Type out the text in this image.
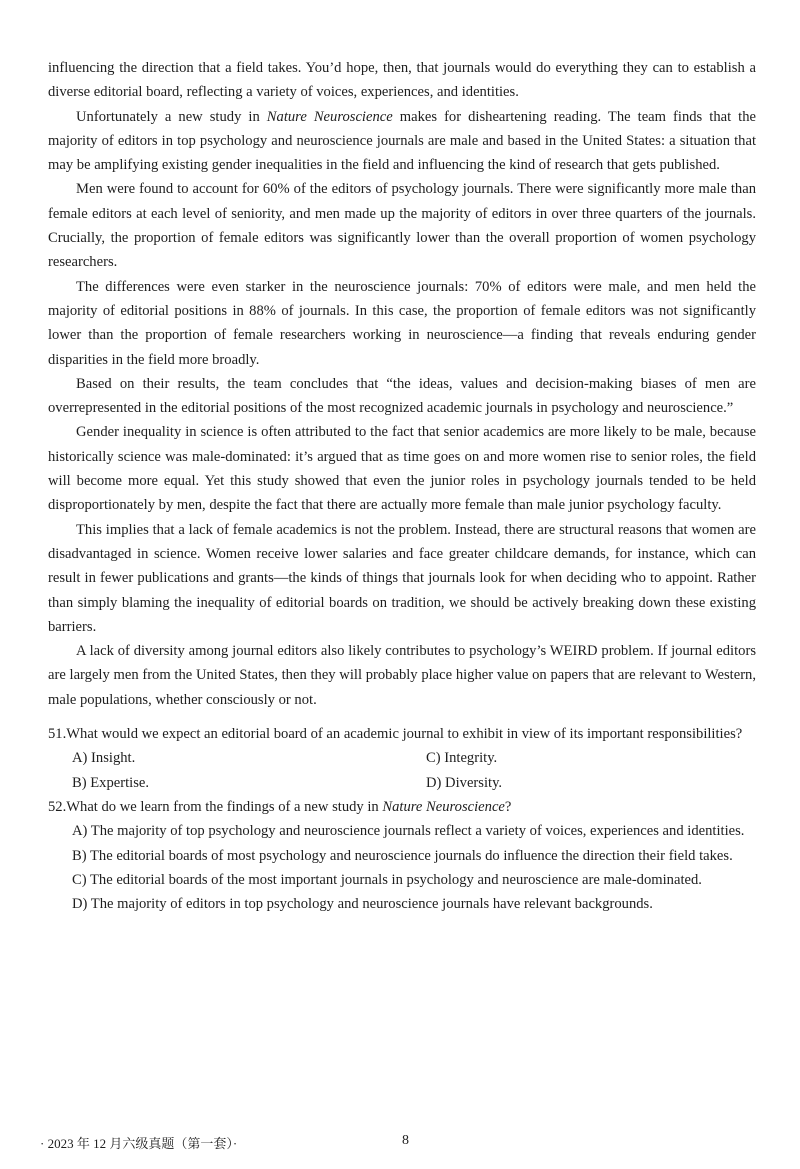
influencing the direction that a field takes. You’d hope, then, that journals would do everything they can to establish a diverse editorial board, reflecting a variety of voices, experiences, and identities.

Unfortunately a new study in Nature Neuroscience makes for disheartening reading. The team finds that the majority of editors in top psychology and neuroscience journals are male and based in the United States: a situation that may be amplifying existing gender inequalities in the field and influencing the kind of research that gets published.

Men were found to account for 60% of the editors of psychology journals. There were significantly more male than female editors at each level of seniority, and men made up the majority of editors in over three quarters of the journals. Crucially, the proportion of female editors was significantly lower than the overall proportion of women psychology researchers.

The differences were even starker in the neuroscience journals: 70% of editors were male, and men held the majority of editorial positions in 88% of journals. In this case, the proportion of female editors was not significantly lower than the proportion of female researchers working in neuroscience—a finding that reveals enduring gender disparities in the field more broadly.

Based on their results, the team concludes that “the ideas, values and decision-making biases of men are overrepresented in the editorial positions of the most recognized academic journals in psychology and neuroscience.”

Gender inequality in science is often attributed to the fact that senior academics are more likely to be male, because historically science was male-dominated: it’s argued that as time goes on and more women rise to senior roles, the field will become more equal. Yet this study showed that even the junior roles in psychology journals tended to be held disproportionately by men, despite the fact that there are actually more female than male junior psychology faculty.

This implies that a lack of female academics is not the problem. Instead, there are structural reasons that women are disadvantaged in science. Women receive lower salaries and face greater childcare demands, for instance, which can result in fewer publications and grants—the kinds of things that journals look for when deciding who to appoint. Rather than simply blaming the inequality of editorial boards on tradition, we should be actively breaking down these existing barriers.

A lack of diversity among journal editors also likely contributes to psychology’s WEIRD problem. If journal editors are largely men from the United States, then they will probably place higher value on papers that are relevant to Western, male populations, whether consciously or not.

51. What would we expect an editorial board of an academic journal to exhibit in view of its important responsibilities?
A) Insight.	C) Integrity.
B) Expertise.	D) Diversity.
52. What do we learn from the findings of a new study in Nature Neuroscience?
A) The majority of top psychology and neuroscience journals reflect a variety of voices, experiences and identities.
B) The editorial boards of most psychology and neuroscience journals do influence the direction their field takes.
C) The editorial boards of the most important journals in psychology and neuroscience are male-dominated.
D) The majority of editors in top psychology and neuroscience journals have relevant backgrounds.
· 2023 年 12 月六级真题（第一套）·	8
